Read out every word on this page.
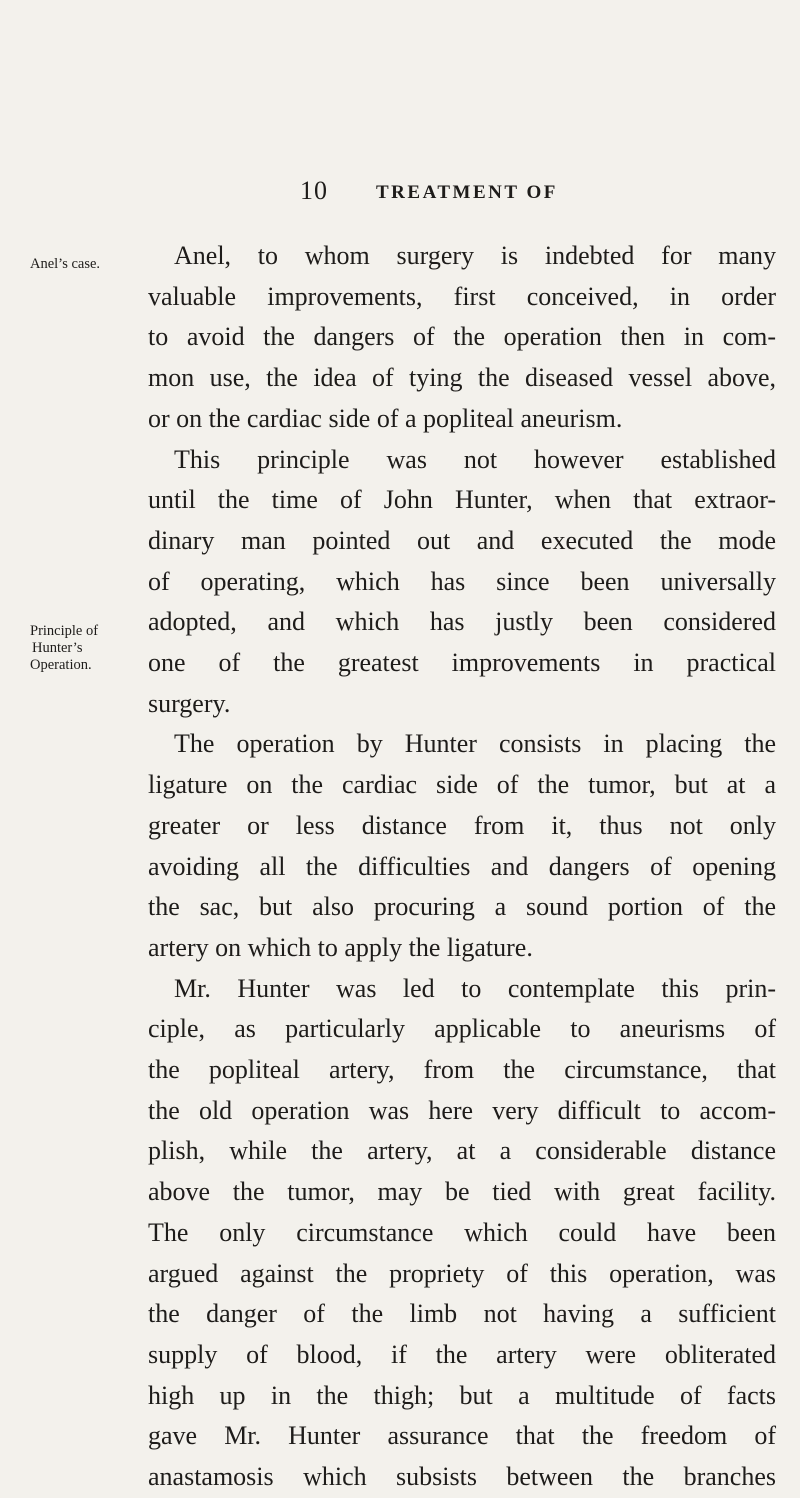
10	TREATMENT OF
Anel’s case.
Principle of
Hunter’s
Operation.
Anel, to whom surgery is indebted for many
valuable improvements, first conceived, in order
to avoid the dangers of the operation then in com-
mon use, the idea of tying the diseased vessel above,
or on the cardiac side of a popliteal aneurism.
This principle was not however established
until the time of John Hunter, when that extraor-
dinary man pointed out and executed the mode
of operating, which has since been universally
adopted, and which has justly been considered
one of the greatest improvements in practical
surgery.
The operation by Hunter consists in placing the
ligature on the cardiac side of the tumor, but at a
greater or less distance from it, thus not only
avoiding all the difficulties and dangers of opening
the sac, but also procuring a sound portion of the
artery on which to apply the ligature.
Mr. Hunter was led to contemplate this prin-
ciple, as particularly applicable to aneurisms of
the popliteal artery, from the circumstance, that
the old operation was here very difficult to accom-
plish, while the artery, at a considerable distance
above the tumor, may be tied with great facility.
The only circumstance which could have been
argued against the propriety of this operation, was
the danger of the limb not having a sufficient
supply of blood, if the artery were obliterated
high up in the thigh; but a multitude of facts
gave Mr. Hunter assurance that the freedom of
anastamosis which subsists between the branches
